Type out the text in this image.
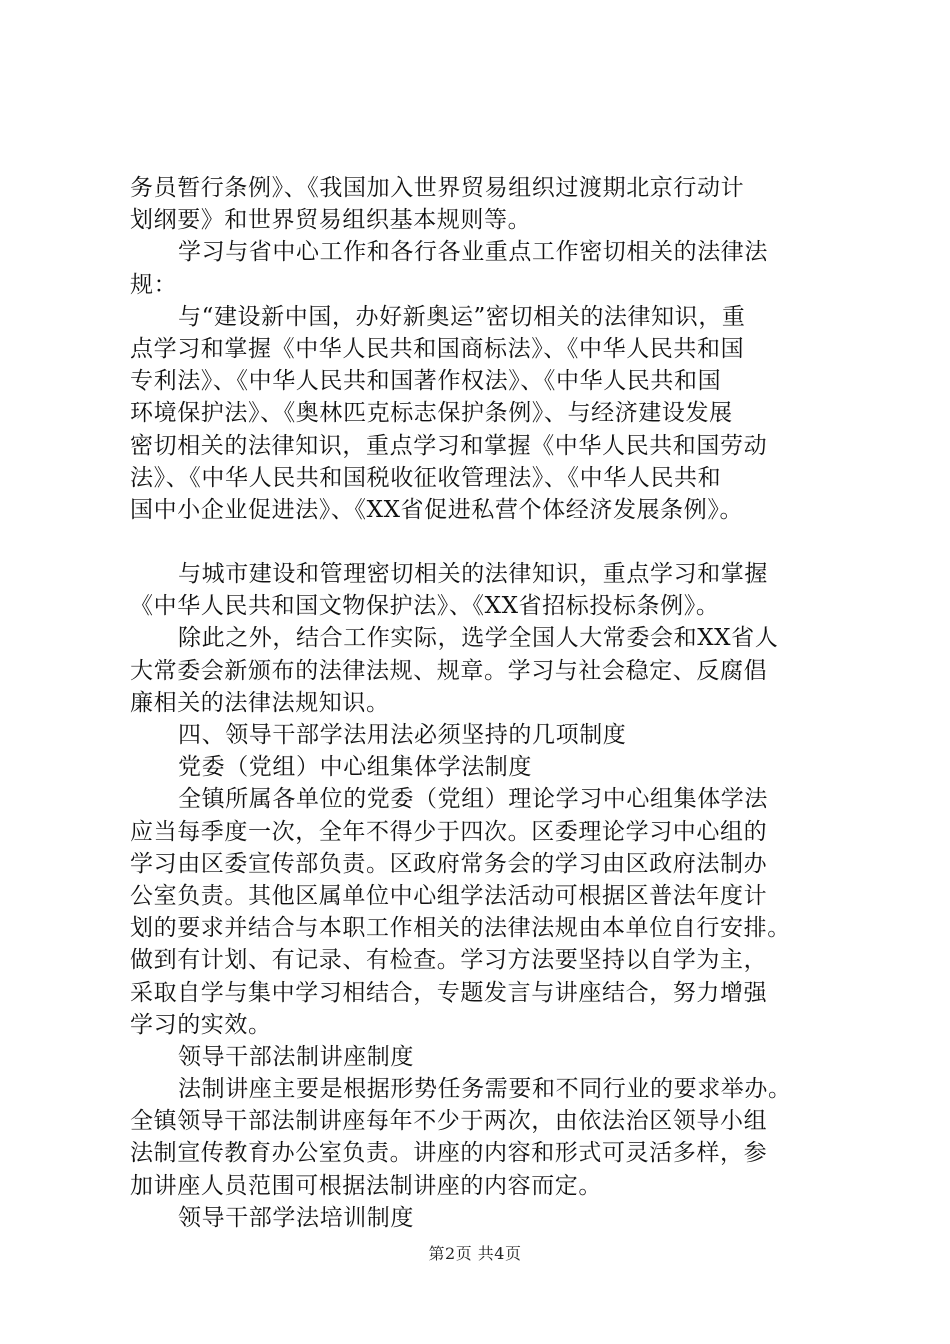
务员暂行条例》、《我国加入世界贸易组织过渡期北京行动计
划纲要》和世界贸易组织基本规则等。
学习与省中心工作和各行各业重点工作密切相关的法律法
规：
与“建设新中国，办好新奥运”密切相关的法律知识，重
点学习和掌握《中华人民共和国商标法》、《中华人民共和国
专利法》、《中华人民共和国著作权法》、《中华人民共和国
环境保护法》、《奥林匹克标志保护条例》、与经济建设发展
密切相关的法律知识，重点学习和掌握《中华人民共和国劳动
法》、《中华人民共和国税收征收管理法》、《中华人民共和
国中小企业促进法》、《XX省促进私营个体经济发展条例》。
与城市建设和管理密切相关的法律知识，重点学习和掌握
《中华人民共和国文物保护法》、《XX省招标投标条例》。
除此之外，结合工作实际，选学全国人大常委会和XX省人
大常委会新颁布的法律法规、规章。学习与社会稳定、反腐倡
廉相关的法律法规知识。
四、领导干部学法用法必须坚持的几项制度
党委（党组）中心组集体学法制度
全镇所属各单位的党委（党组）理论学习中心组集体学法
应当每季度一次，全年不得少于四次。区委理论学习中心组的
学习由区委宣传部负责。区政府常务会的学习由区政府法制办
公室负责。其他区属单位中心组学法活动可根据区普法年度计
划的要求并结合与本职工作相关的法律法规由本单位自行安排。
做到有计划、有记录、有检查。学习方法要坚持以自学为主，
采取自学与集中学习相结合，专题发言与讲座结合，努力增强
学习的实效。
领导干部法制讲座制度
法制讲座主要是根据形势任务需要和不同行业的要求举办。
全镇领导干部法制讲座每年不少于两次，由依法治区领导小组
法制宣传教育办公室负责。讲座的内容和形式可灵活多样，参
加讲座人员范围可根据法制讲座的内容而定。
领导干部学法培训制度
第2页 共4页
